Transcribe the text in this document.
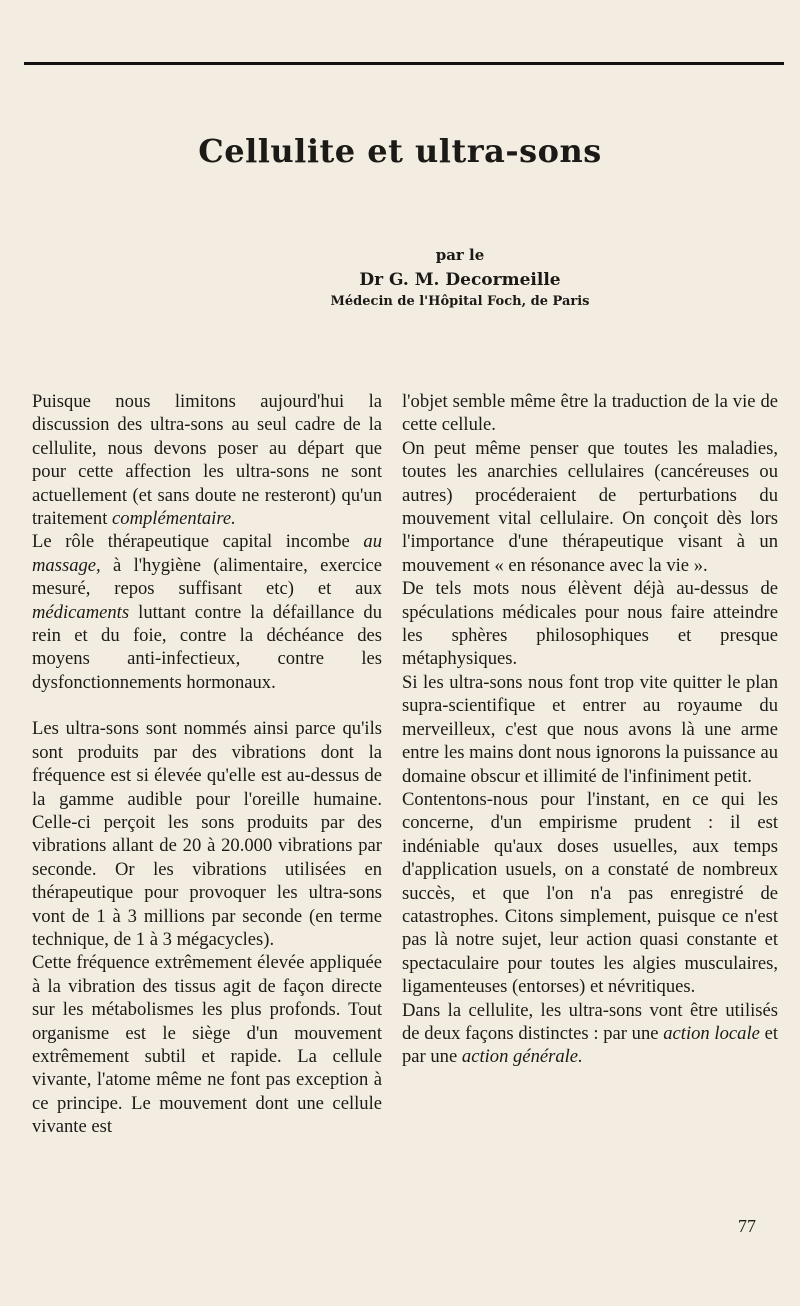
Cellulite et ultra-sons
par le
Dr G. M. Decormeille
Médecin de l'Hôpital Foch, de Paris

Puisque nous limitons aujourd'hui la discussion des ultra-sons au seul cadre de la cellulite, nous devons poser au départ que pour cette affection les ultra-sons ne sont actuellement (et sans doute ne resteront) qu'un traitement complémentaire.

Le rôle thérapeutique capital incombe au massage, à l'hygiène (alimentaire, exercice mesuré, repos suffisant etc) et aux médicaments luttant contre la défaillance du rein et du foie, contre la déchéance des moyens anti-infectieux, contre les dysfonctionnements hormonaux.

Les ultra-sons sont nommés ainsi parce qu'ils sont produits par des vibrations dont la fréquence est si élevée qu'elle est au-dessus de la gamme audible pour l'oreille humaine. Celle-ci perçoit les sons produits par des vibrations allant de 20 à 20.000 vibrations par seconde. Or les vibrations utilisées en thérapeutique pour provoquer les ultra-sons vont de 1 à 3 millions par seconde (en terme technique, de 1 à 3 mégacycles).

Cette fréquence extrêmement élevée appliquée à la vibration des tissus agit de façon directe sur les métabolismes les plus profonds. Tout organisme est le siège d'un mouvement extrêmement subtil et rapide. La cellule vivante, l'atome même ne font pas exception à ce principe. Le mouvement dont une cellule vivante est

l'objet semble même être la traduction de la vie de cette cellule.

On peut même penser que toutes les maladies, toutes les anarchies cellulaires (cancéreuses ou autres) procéderaient de perturbations du mouvement vital cellulaire. On conçoit dès lors l'importance d'une thérapeutique visant à un mouvement « en résonance avec la vie ».

De tels mots nous élèvent déjà au-dessus de spéculations médicales pour nous faire atteindre les sphères philosophiques et presque métaphysiques.

Si les ultra-sons nous font trop vite quitter le plan supra-scientifique et entrer au royaume du merveilleux, c'est que nous avons là une arme entre les mains dont nous ignorons la puissance au domaine obscur et illimité de l'infiniment petit.

Contentons-nous pour l'instant, en ce qui les concerne, d'un empirisme prudent : il est indéniable qu'aux doses usuelles, aux temps d'application usuels, on a constaté de nombreux succès, et que l'on n'a pas enregistré de catastrophes. Citons simplement, puisque ce n'est pas là notre sujet, leur action quasi constante et spectaculaire pour toutes les algies musculaires, ligamenteuses (entorses) et névritiques.

Dans la cellulite, les ultra-sons vont être utilisés de deux façons distinctes : par une action locale et par une action générale.

77
